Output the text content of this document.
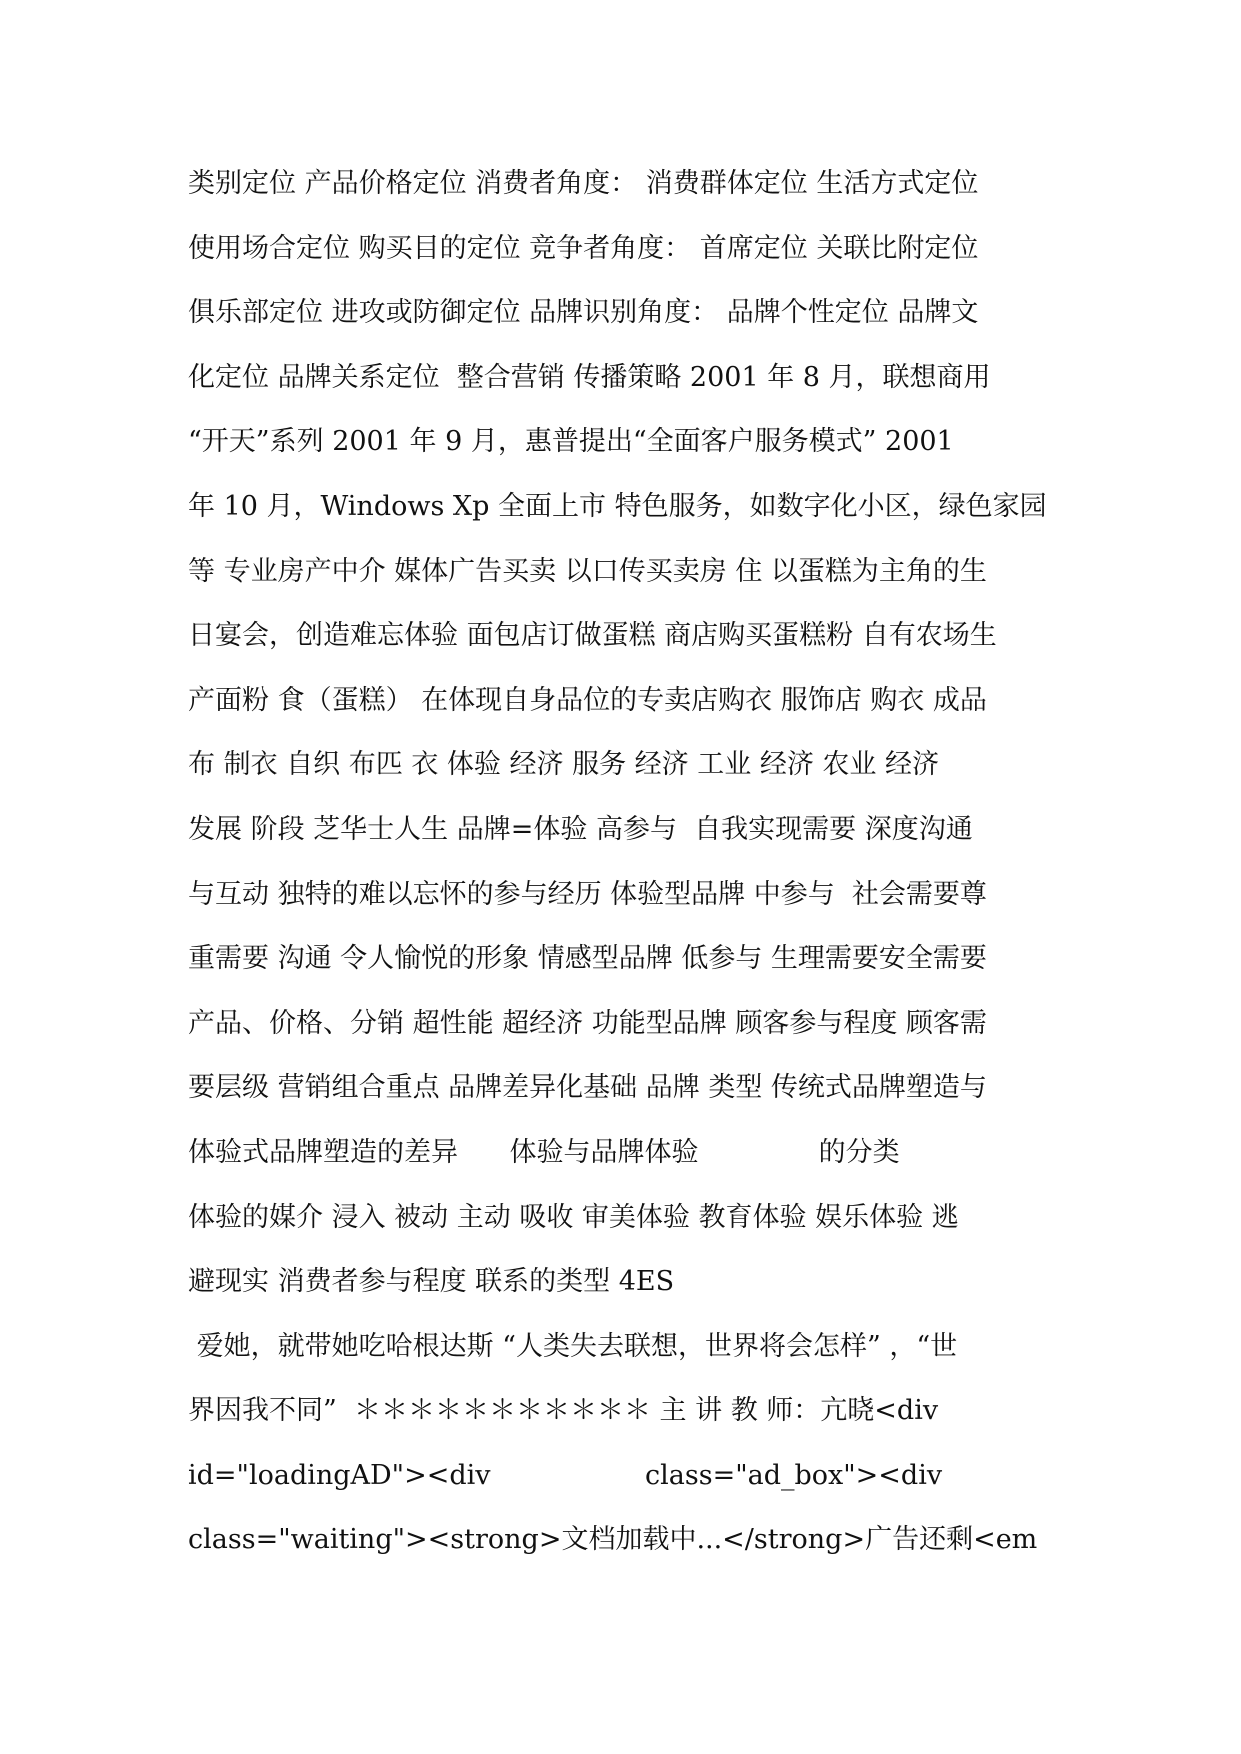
类别定位 产品价格定位 消费者角度： 消费群体定位 生活方式定位
使用场合定位 购买目的定位 竞争者角度： 首席定位 关联比附定位
俱乐部定位 进攻或防御定位 品牌识别角度： 品牌个性定位 品牌文
化定位 品牌关系定位  整合营销 传播策略 2001 年 8 月，联想商用
“开天”系列 2001 年 9 月，惠普提出“全面客户服务模式” 2001
年 10 月，Windows Xp 全面上市 特色服务，如数字化小区，绿色家园
等 专业房产中介 媒体广告买卖 以口传买卖房 住 以蛋糕为主角的生
日宴会，创造难忘体验 面包店订做蛋糕 商店购买蛋糕粉 自有农场生
产面粉 食（蛋糕） 在体现自身品位的专卖店购衣 服饰店 购衣 成品
布 制衣 自织 布匹 衣 体验 经济 服务 经济 工业 经济 农业 经济
发展 阶段 芝华士人生 品牌=体验 高参与  自我实现需要 深度沟通
与互动 独特的难以忘怀的参与经历 体验型品牌 中参与  社会需要尊
重需要 沟通 令人愉悦的形象 情感型品牌 低参与 生理需要安全需要
产品、价格、分销 超性能 超经济 功能型品牌 顾客参与程度 顾客需
要层级 营销组合重点 品牌差异化基础 品牌 类型 传统式品牌塑造与
体验式品牌塑造的差异      体验与品牌体验              的分类
体验的媒介 浸入 被动 主动 吸收 审美体验 教育体验 娱乐体验 逃
避现实 消费者参与程度 联系的类型 4ES
爱她，就带她吃哈根达斯 “人类失去联想，世界将会怎样” ，“世
界因我不同”  ＊＊＊＊＊＊＊＊＊＊＊ 主 讲 教 师：亢晓<div
id="loadingAD"><div                  class="ad_box"><div
class="waiting"><strong>文档加载中...</strong>广告还剩<em
